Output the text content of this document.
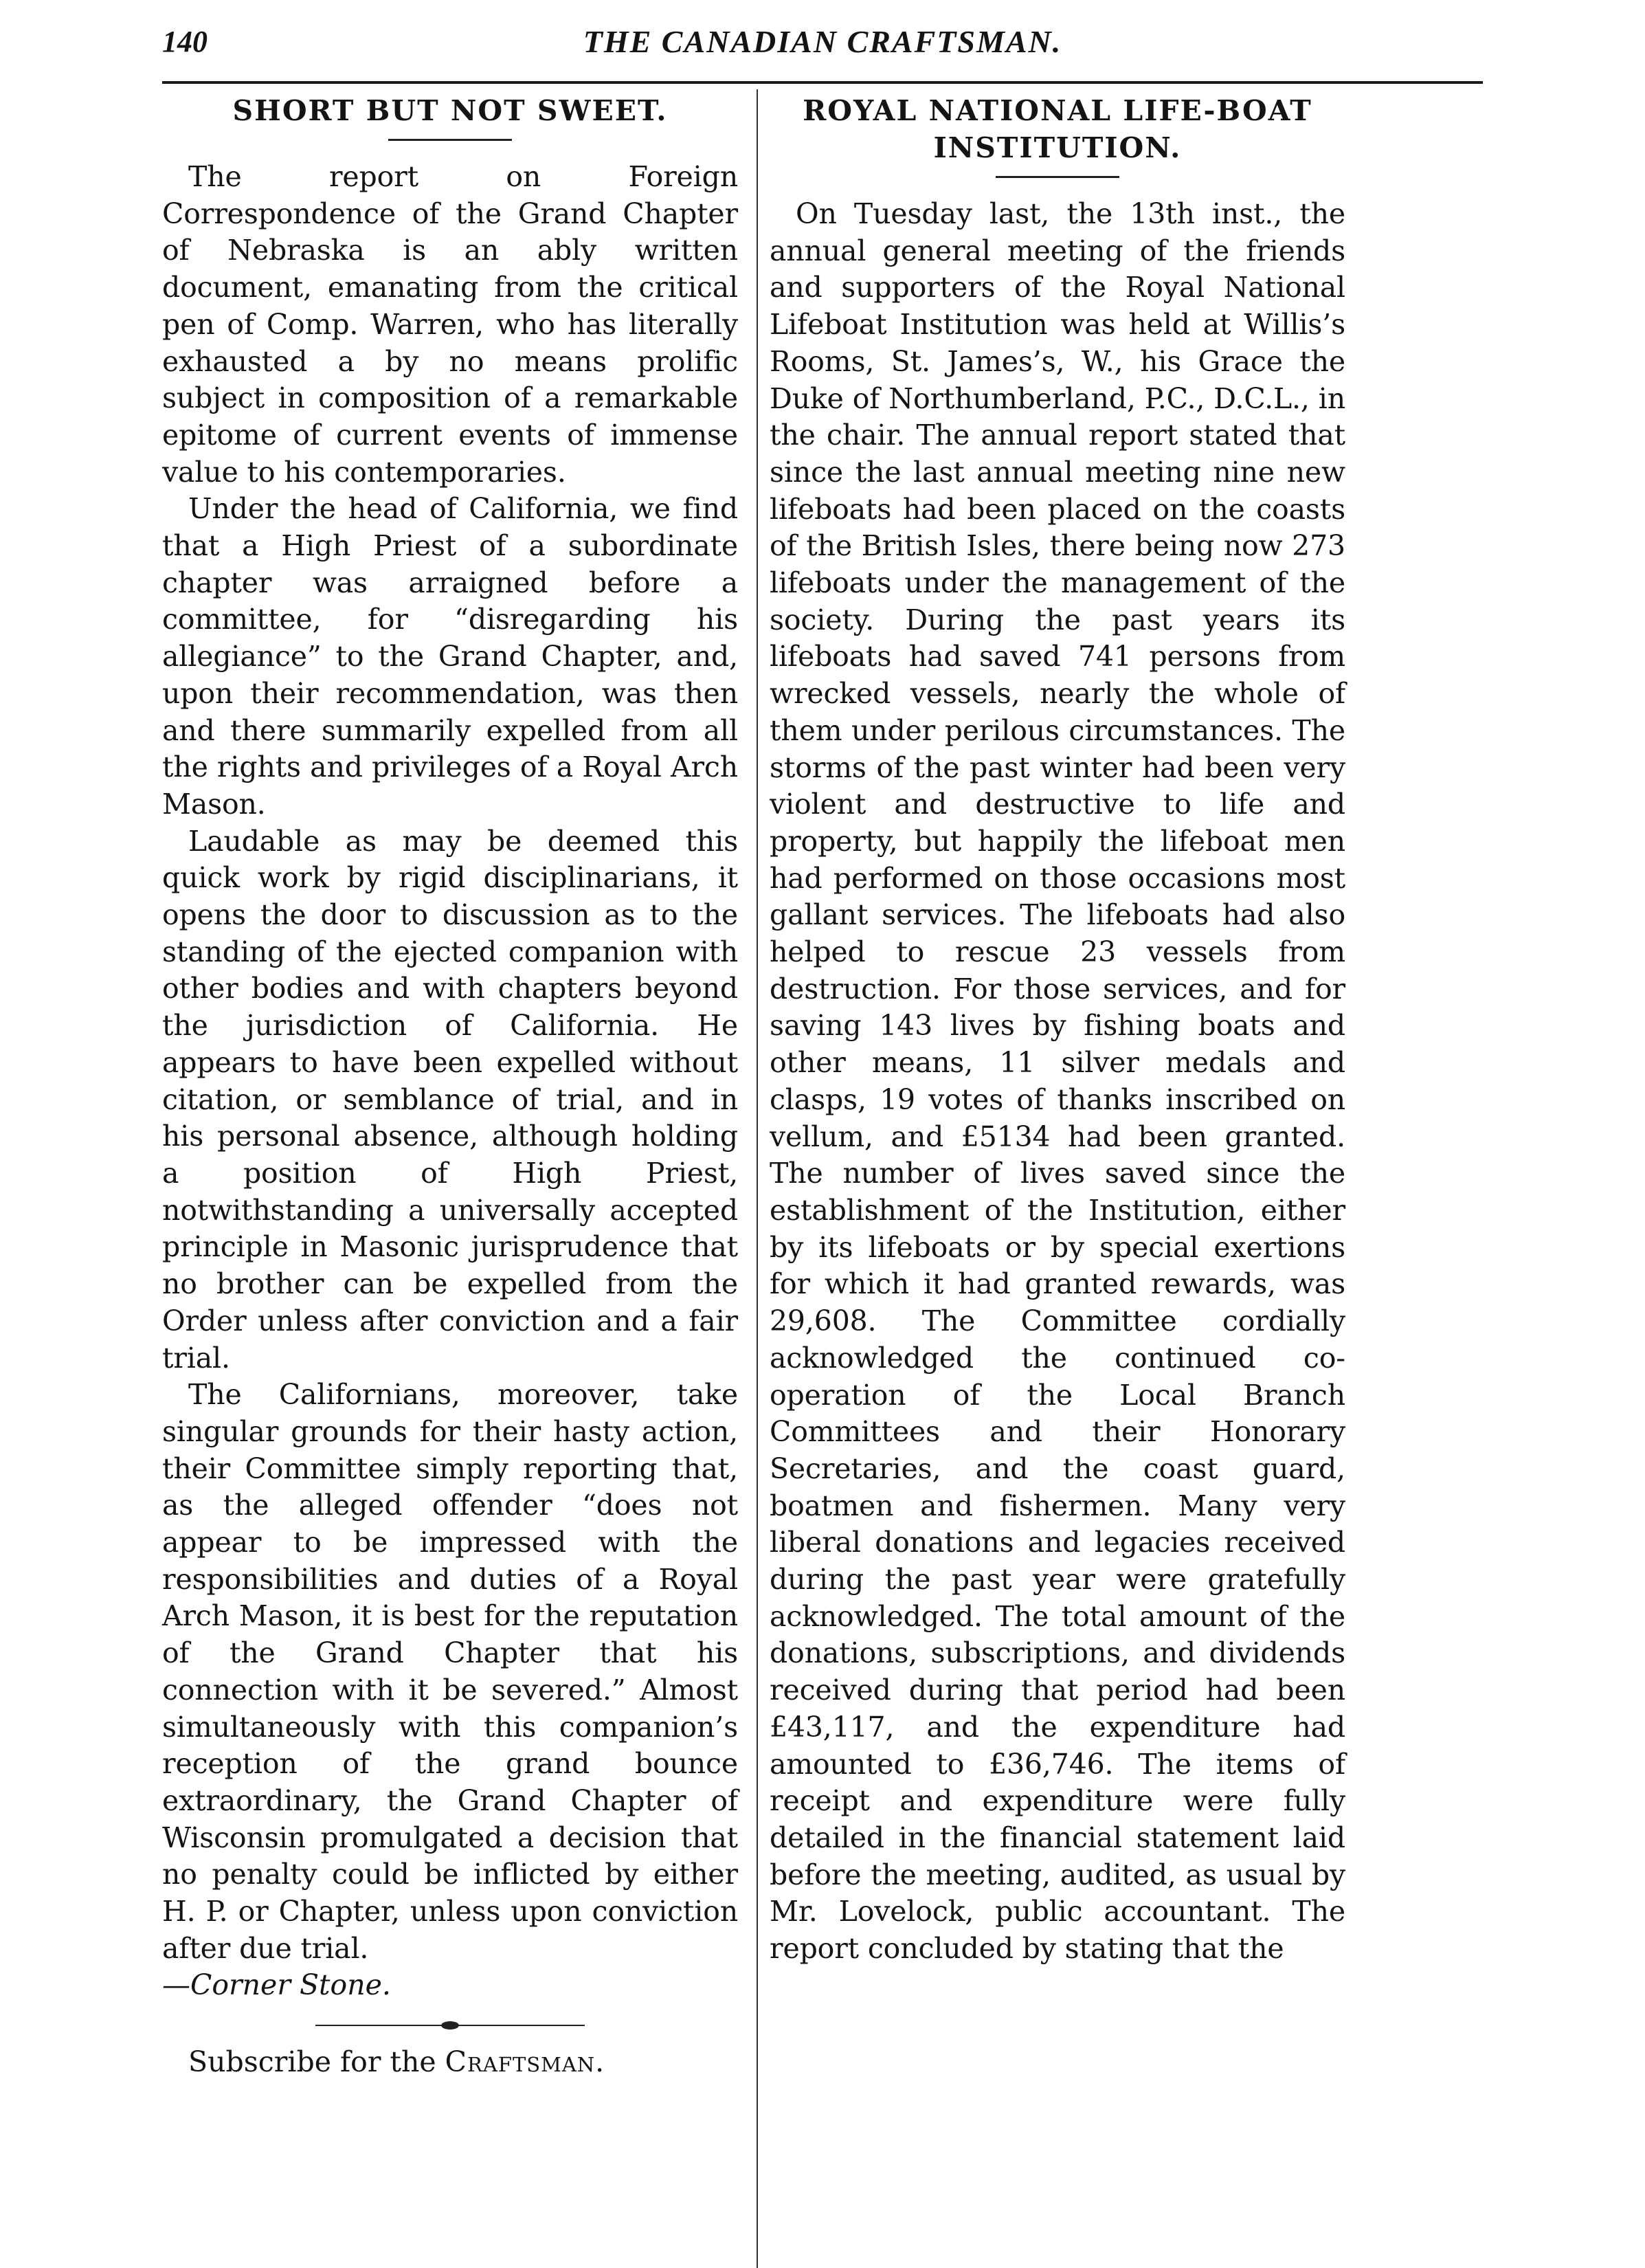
140	THE CANADIAN CRAFTSMAN.
SHORT BUT NOT SWEET.

The report on Foreign Correspondence of the Grand Chapter of Nebraska is an ably written document, emanating from the critical pen of Comp. Warren, who has literally exhausted a by no means prolific subject in composition of a remarkable epitome of current events of immense value to his contemporaries.

Under the head of California, we find that a High Priest of a subordinate chapter was arraigned before a committee, for “disregarding his allegiance” to the Grand Chapter, and, upon their recommendation, was then and there summarily expelled from all the rights and privileges of a Royal Arch Mason.

Laudable as may be deemed this quick work by rigid disciplinarians, it opens the door to discussion as to the standing of the ejected companion with other bodies and with chapters beyond the jurisdiction of California. He appears to have been expelled without citation, or semblance of trial, and in his personal absence, although holding a position of High Priest, notwithstanding a universally accepted principle in Masonic jurisprudence that no brother can be expelled from the Order unless after conviction and a fair trial.

The Californians, moreover, take singular grounds for their hasty action, their Committee simply reporting that, as the alleged offender “does not appear to be impressed with the responsibilities and duties of a Royal Arch Mason, it is best for the reputation of the Grand Chapter that his connection with it be severed.” Almost simultaneously with this companion’s reception of the grand bounce extraordinary, the Grand Chapter of Wisconsin promulgated a decision that no penalty could be inflicted by either H. P. or Chapter, unless upon conviction after due trial.

—Corner Stone.

Subscribe for the Craftsman.

ROYAL NATIONAL LIFE-BOAT INSTITUTION.

On Tuesday last, the 13th inst., the annual general meeting of the friends and supporters of the Royal National Lifeboat Institution was held at Willis’s Rooms, St. James’s, W., his Grace the Duke of Northumberland, P.C., D.C.L., in the chair. The annual report stated that since the last annual meeting nine new lifeboats had been placed on the coasts of the British Isles, there being now 273 lifeboats under the management of the society. During the past years its lifeboats had saved 741 persons from wrecked vessels, nearly the whole of them under perilous circumstances. The storms of the past winter had been very violent and destructive to life and property, but happily the lifeboat men had performed on those occasions most gallant services. The lifeboats had also helped to rescue 23 vessels from destruction. For those services, and for saving 143 lives by fishing boats and other means, 11 silver medals and clasps, 19 votes of thanks inscribed on vellum, and £5134 had been granted. The number of lives saved since the establishment of the Institution, either by its lifeboats or by special exertions for which it had granted rewards, was 29,608. The Committee cordially acknowledged the continued co-operation of the Local Branch Committees and their Honorary Secretaries, and the coast guard, boatmen and fishermen. Many very liberal donations and legacies received during the past year were gratefully acknowledged. The total amount of the donations, subscriptions, and dividends received during that period had been £43,117, and the expenditure had amounted to £36,746. The items of receipt and expenditure were fully detailed in the financial statement laid before the meeting, audited, as usual by Mr. Lovelock, public accountant. The report concluded by stating that the
